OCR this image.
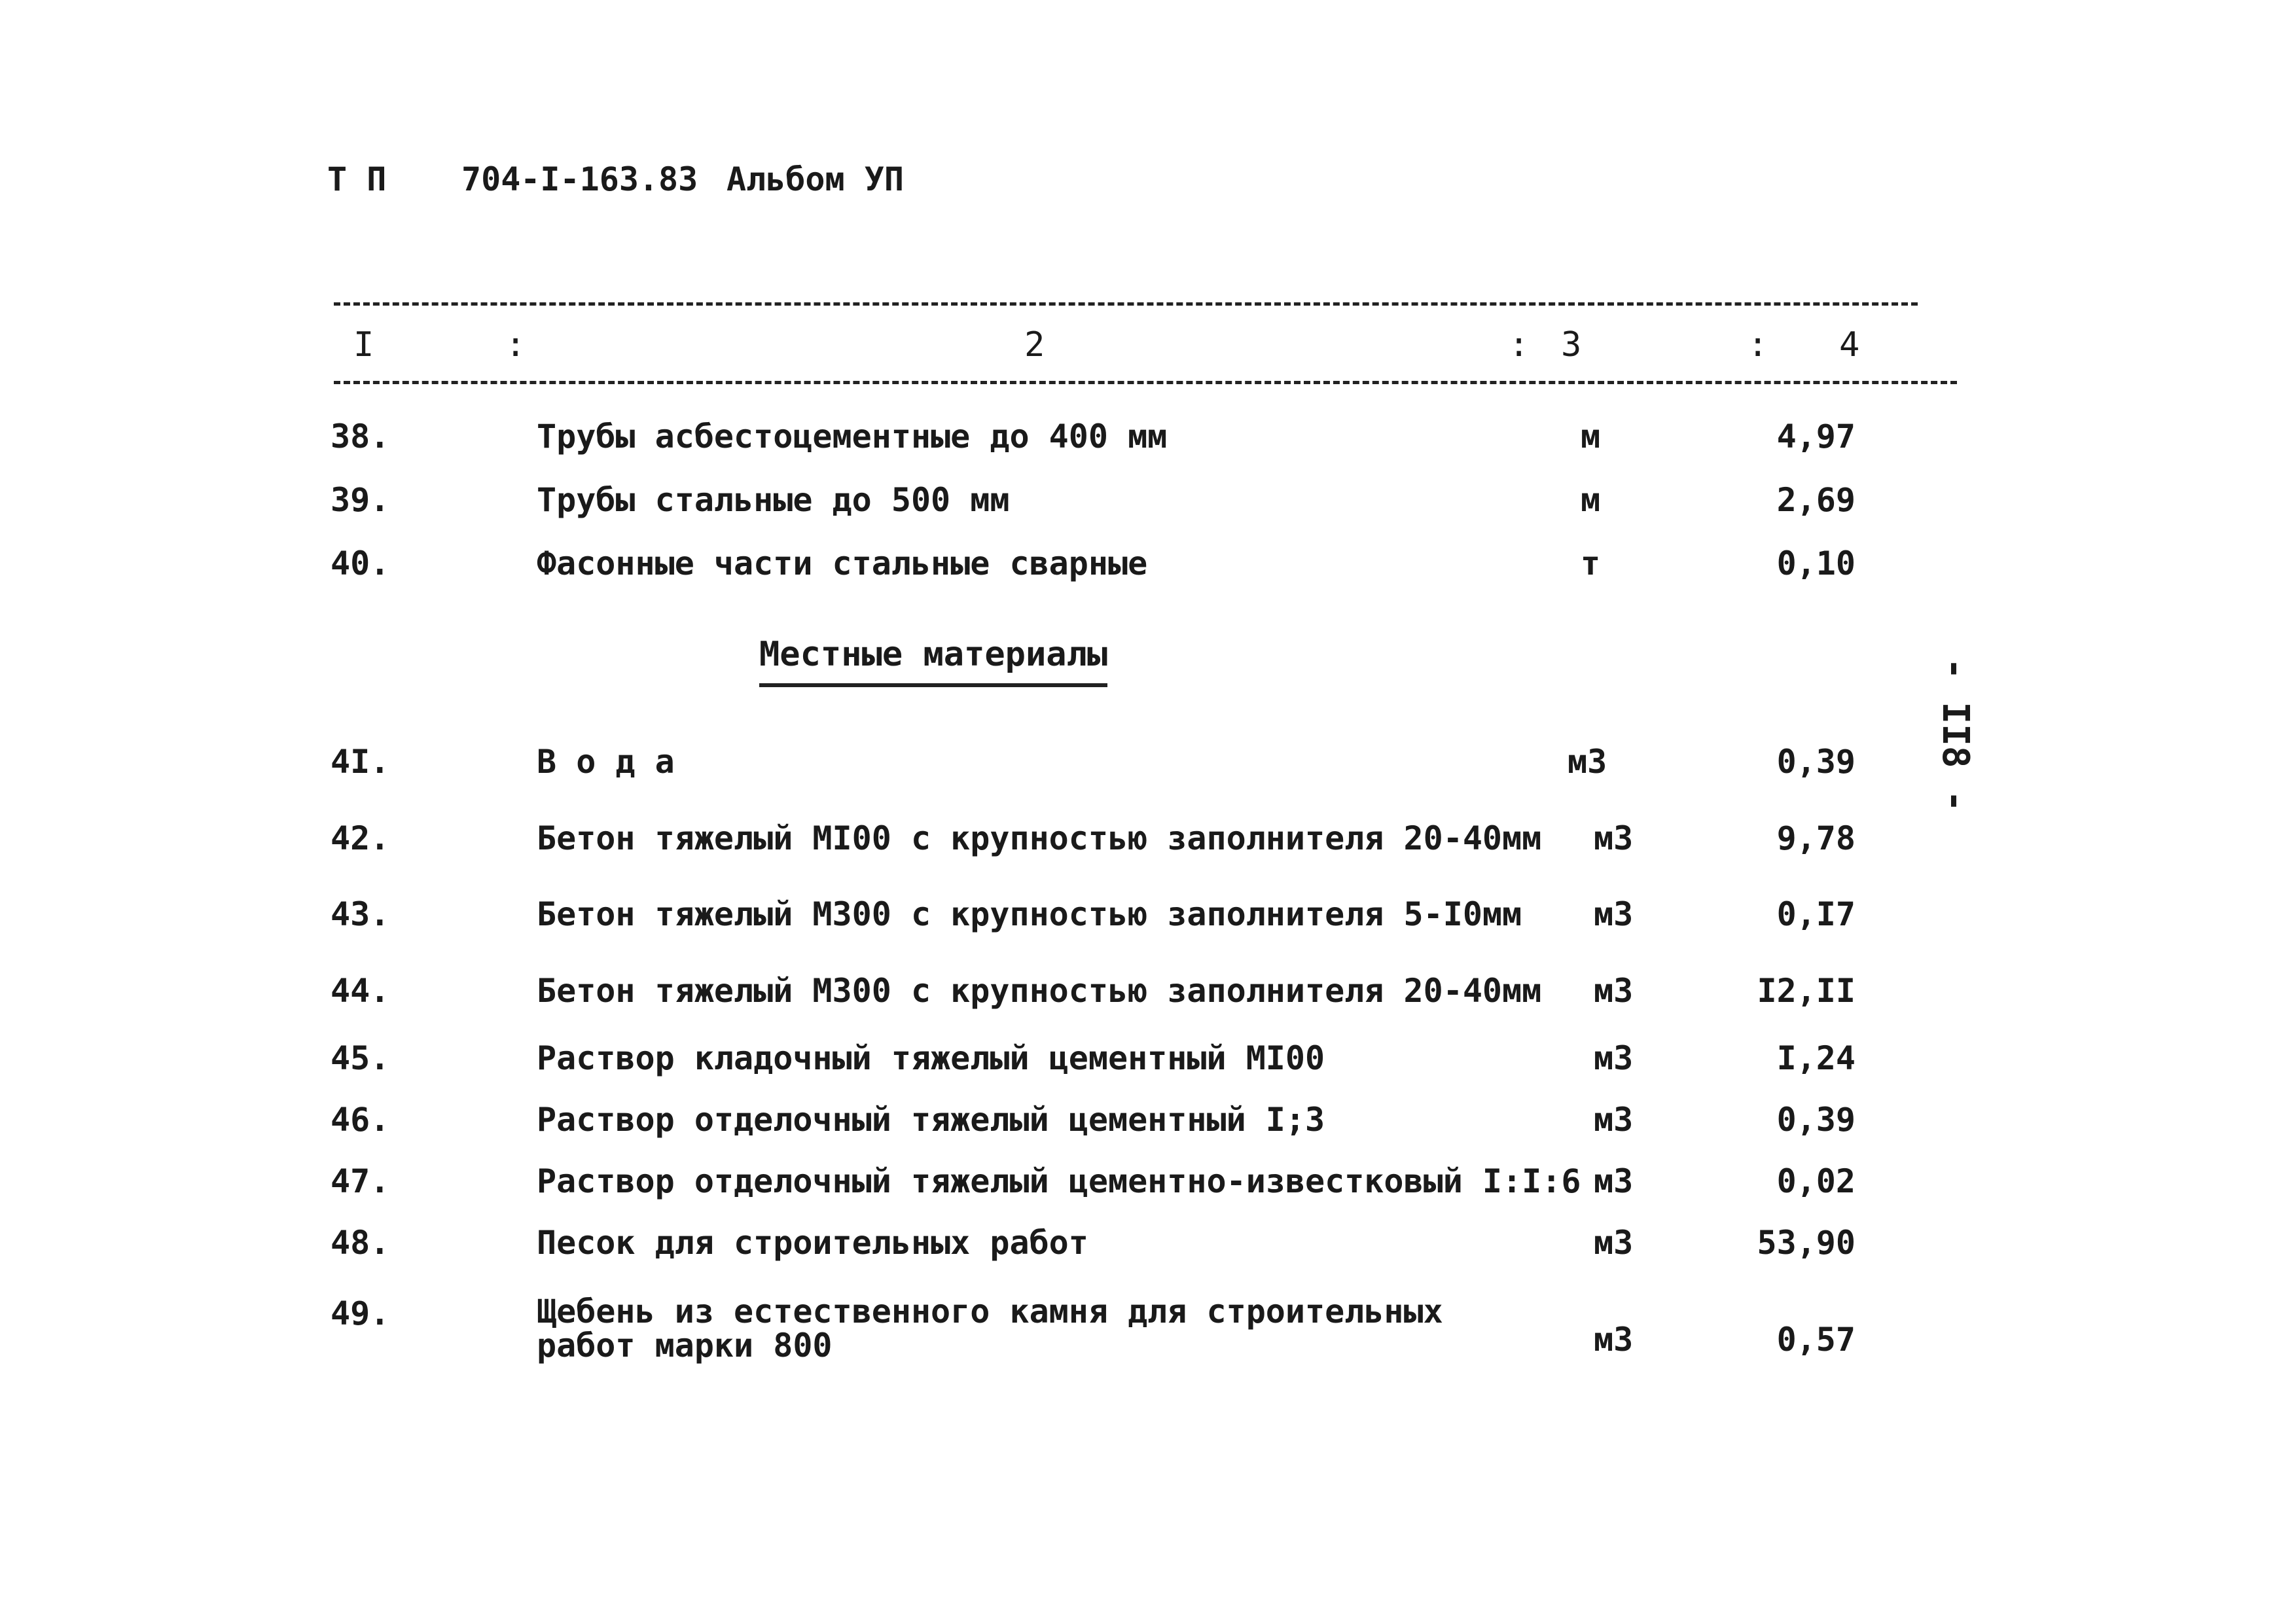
Т П 704-I-163.83 Альбом УП
I	:	2	: 3	: 4
38.	Трубы асбестоцементные до 400 мм	м	4,97
39.	Трубы стальные до 500 мм	м	2,69
40.	Фасонные части стальные сварные	т	0,10
Местные материалы
- II8 -
4I.	В о д а	м3	0,39
42.	Бетон тяжелый МI00 с крупностью заполнителя 20-40мм м3	9,78
43.	Бетон тяжелый М300 с крупностью заполнителя 5-I0мм м3	0,I7
44.	Бетон тяжелый М300 с крупностью заполнителя 20-40мм м3	I2,II
45.	Раствор кладочный тяжелый цементный МI00	м3	I,24
46.	Раствор отделочный тяжелый цементный I;3	м3	0,39
47.	Раствор отделочный тяжелый цементно-известковый I:I:6 м3	0,02
48.	Песок для строительных работ	м3	53,90
49.	Щебень из естественного камня для строительных
работ марки 800	м3	0,57
